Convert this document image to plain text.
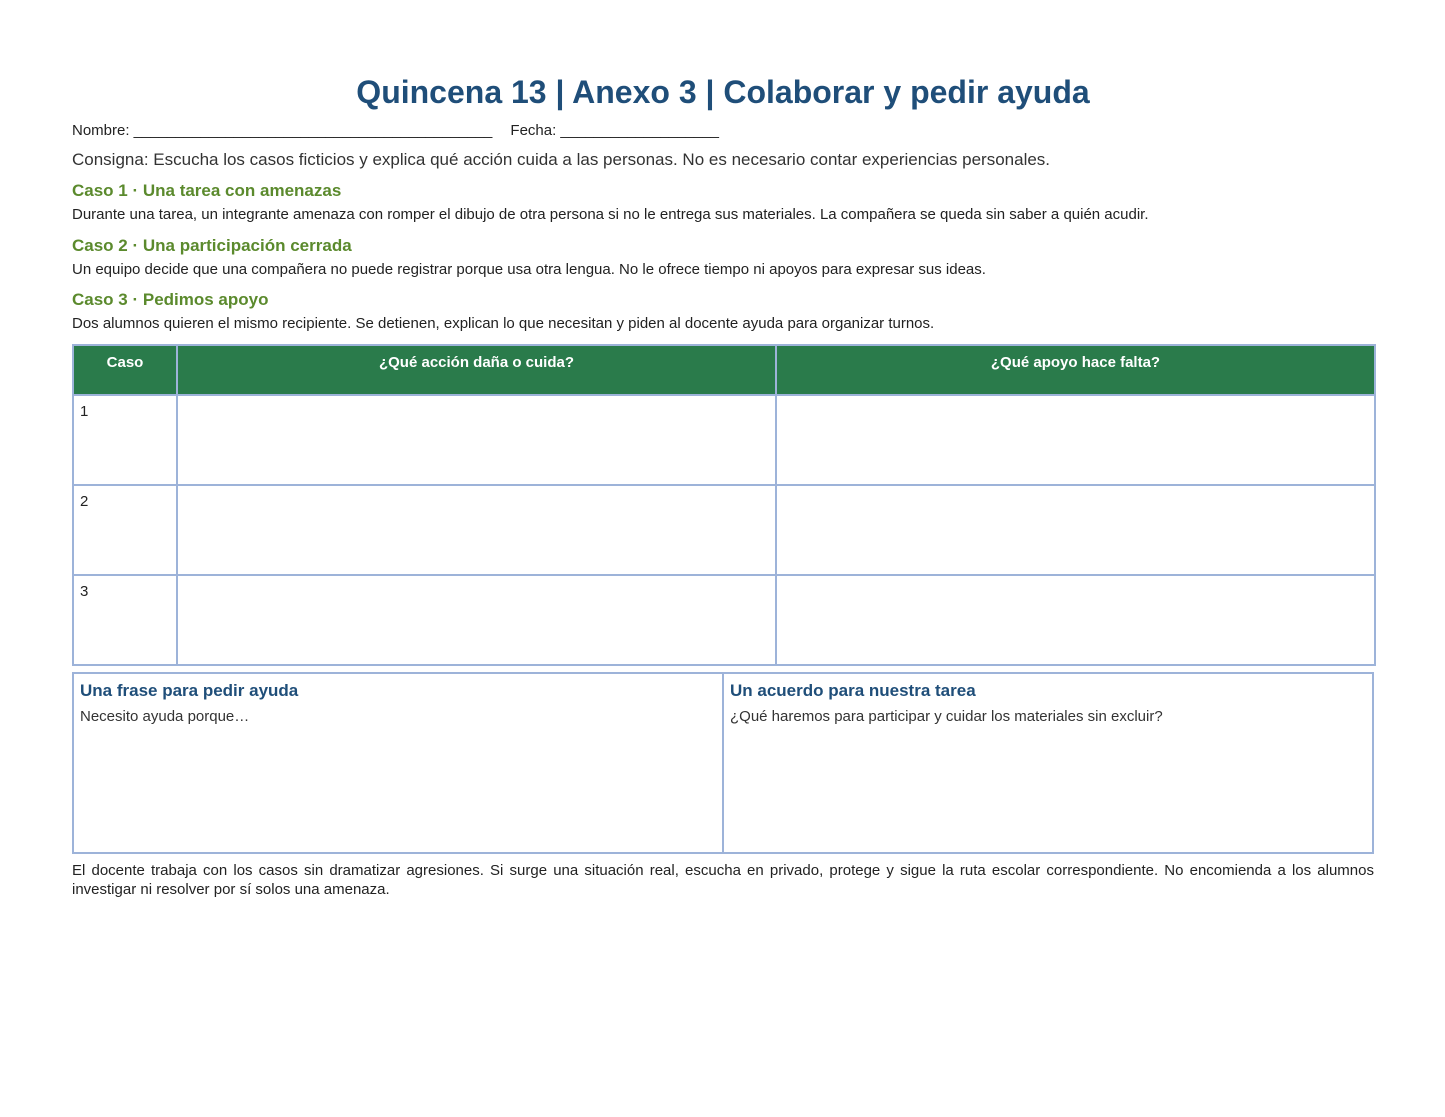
Quincena 13 | Anexo 3 | Colaborar y pedir ayuda
Nombre: ___________________________________________ Fecha: ___________________
Consigna: Escucha los casos ficticios y explica qué acción cuida a las personas. No es necesario contar experiencias personales.
Caso 1 · Una tarea con amenazas
Durante una tarea, un integrante amenaza con romper el dibujo de otra persona si no le entrega sus materiales. La compañera se queda sin saber a quién acudir.
Caso 2 · Una participación cerrada
Un equipo decide que una compañera no puede registrar porque usa otra lengua. No le ofrece tiempo ni apoyos para expresar sus ideas.
Caso 3 · Pedimos apoyo
Dos alumnos quieren el mismo recipiente. Se detienen, explican lo que necesitan y piden al docente ayuda para organizar turnos.
Caso	¿Qué acción daña o cuida?	¿Qué apoyo hace falta?
1		
2		
3		
Una frase para pedir ayuda
Necesito ayuda porque…
Un acuerdo para nuestra tarea
¿Qué haremos para participar y cuidar los materiales sin excluir?
El docente trabaja con los casos sin dramatizar agresiones. Si surge una situación real, escucha en privado, protege y sigue la ruta escolar correspondiente. No encomienda a los alumnos investigar ni resolver por sí solos una amenaza.
